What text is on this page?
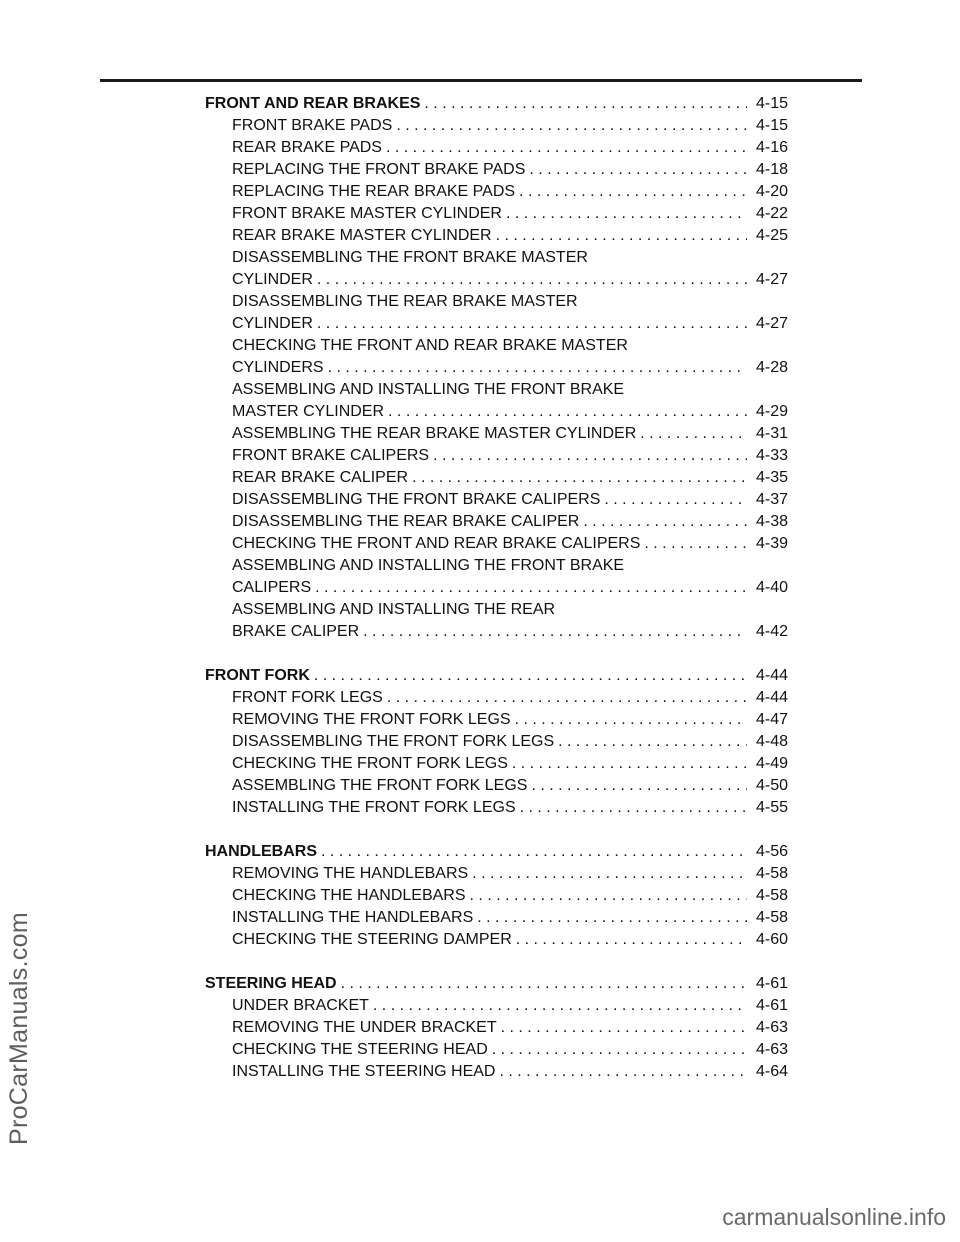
FRONT AND REAR BRAKES . . .	4-15
FRONT BRAKE PADS . . .	4-15
REAR BRAKE PADS . . .	4-16
REPLACING THE FRONT BRAKE PADS . . .	4-18
REPLACING THE REAR BRAKE PADS . . .	4-20
FRONT BRAKE MASTER CYLINDER . . .	4-22
REAR BRAKE MASTER CYLINDER . . .	4-25
DISASSEMBLING THE FRONT BRAKE MASTER
CYLINDER . . .	4-27
DISASSEMBLING THE REAR BRAKE MASTER
CYLINDER . . .	4-27
CHECKING THE FRONT AND REAR BRAKE MASTER
CYLINDERS . . .	4-28
ASSEMBLING AND INSTALLING THE FRONT BRAKE
MASTER CYLINDER . . .	4-29
ASSEMBLING THE REAR BRAKE MASTER CYLINDER . . .	4-31
FRONT BRAKE CALIPERS . . .	4-33
REAR BRAKE CALIPER . . .	4-35
DISASSEMBLING THE FRONT BRAKE CALIPERS . . .	4-37
DISASSEMBLING THE REAR BRAKE CALIPER . . .	4-38
CHECKING THE FRONT AND REAR BRAKE CALIPERS . . .	4-39
ASSEMBLING AND INSTALLING THE FRONT BRAKE
CALIPERS . . .	4-40
ASSEMBLING AND INSTALLING THE REAR
BRAKE CALIPER . . .	4-42
FRONT FORK . . .	4-44
FRONT FORK LEGS . . .	4-44
REMOVING THE FRONT FORK LEGS . . .	4-47
DISASSEMBLING THE FRONT FORK LEGS . . .	4-48
CHECKING THE FRONT FORK LEGS . . .	4-49
ASSEMBLING THE FRONT FORK LEGS . . .	4-50
INSTALLING THE FRONT FORK LEGS . . .	4-55
HANDLEBARS . . .	4-56
REMOVING THE HANDLEBARS . . .	4-58
CHECKING THE HANDLEBARS . . .	4-58
INSTALLING THE HANDLEBARS . . .	4-58
CHECKING THE STEERING DAMPER . . .	4-60
STEERING HEAD . . .	4-61
UNDER BRACKET . . .	4-61
REMOVING THE UNDER BRACKET . . .	4-63
CHECKING THE STEERING HEAD . . .	4-63
INSTALLING THE STEERING HEAD . . .	4-64
ProCarManuals.com
carmanualsonline.info
